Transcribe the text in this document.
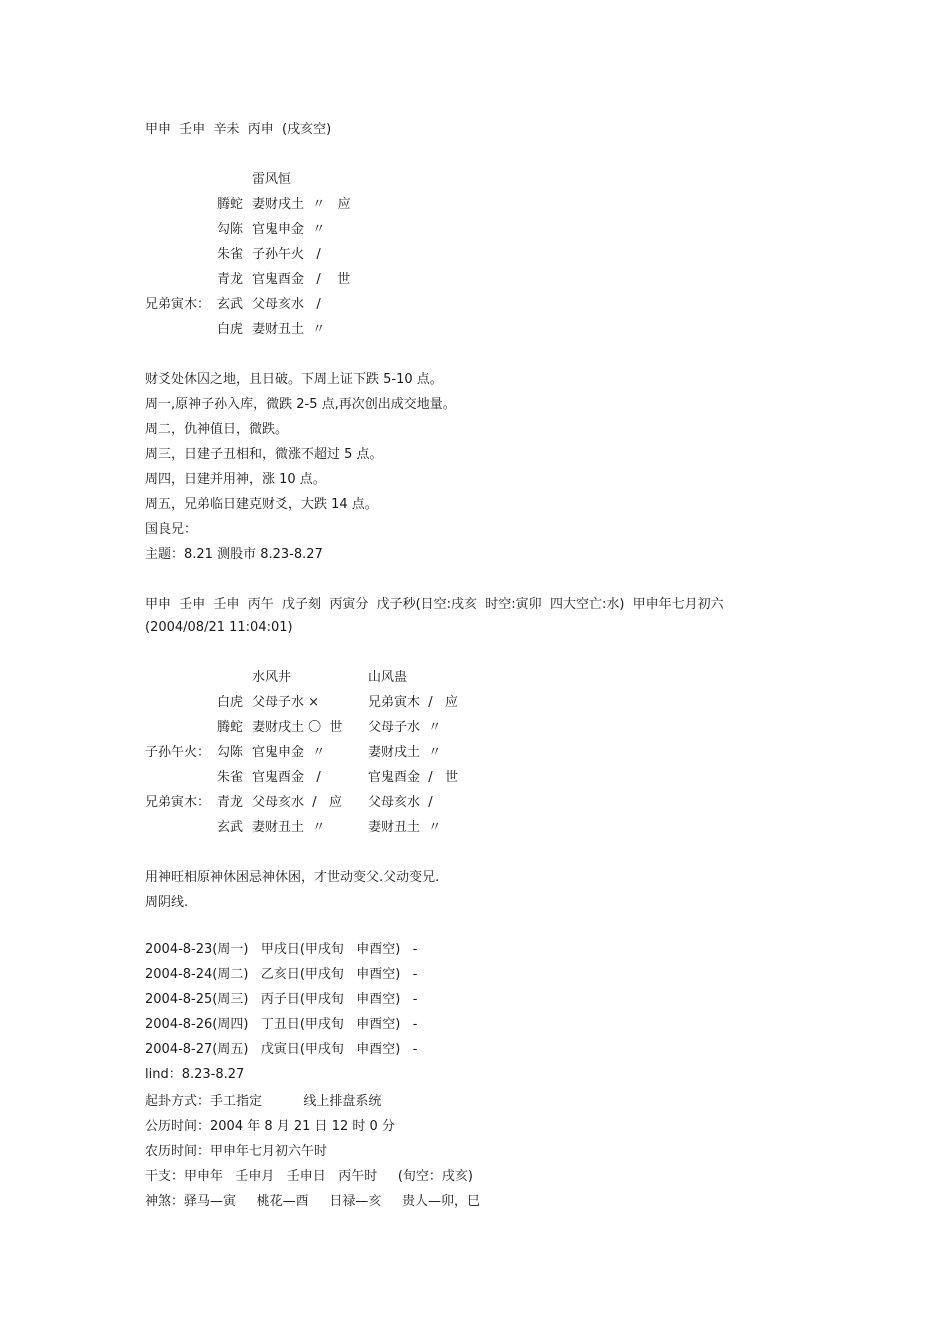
甲申  壬申  辛未  丙申  (戌亥空)
雷风恒
腾蛇 妻财戌土  〃   应
勾陈 官鬼申金  〃
朱雀 子孙午火   /
青龙 官鬼酉金   /    世
兄弟寅木： 玄武 父母亥水   /
白虎 妻财丑土  〃
财爻处休囚之地，且日破。下周上证下跌 5-10 点。
周一,原神子孙入库，微跌 2-5 点,再次创出成交地量。
周二，仇神值日，微跌。
周三，日建子丑相和，微涨不超过 5 点。
周四，日建并用神，涨 10 点。
周五，兄弟临日建克财爻，大跌 14 点。
国良兄：
主题：8.21 测股市 8.23-8.27
甲申  壬申  壬申  丙午  戊子刻  丙寅分  戊子秒(日空:戌亥  时空:寅卯  四大空亡:水)  甲申年七月初六
(2004/08/21 11:04:01)
水风井	山风蛊
白虎 父母子水 ×	兄弟寅木  /   应
腾蛇 妻财戌土 〇  世 父母子水  〃
子孙午火： 勾陈 官鬼申金  〃	妻财戌土  〃
朱雀 官鬼酉金   /	官鬼酉金  /   世
兄弟寅木： 青龙 父母亥水  /   应 父母亥水  /
玄武 妻财丑土  〃	妻财丑土  〃
用神旺相原神休困忌神休困，才世动变父.父动变兄.
周阴线.
2004-8-23(周一)   甲戌日(甲戌旬   申酉空)   -
2004-8-24(周二)   乙亥日(甲戌旬   申酉空)   -
2004-8-25(周三)   丙子日(甲戌旬   申酉空)   -
2004-8-26(周四)   丁丑日(甲戌旬   申酉空)   -
2004-8-27(周五)   戊寅日(甲戌旬   申酉空)   -
lind：8.23-8.27
起卦方式：手工指定          线上排盘系统
公历时间：2004 年 8 月 21 日 12 时 0 分
农历时间：甲申年七月初六午时
干支：甲申年   壬申月   壬申日   丙午时     (旬空：戌亥)
神煞：驿马—寅     桃花—酉     日禄—亥     贵人—卯，巳
